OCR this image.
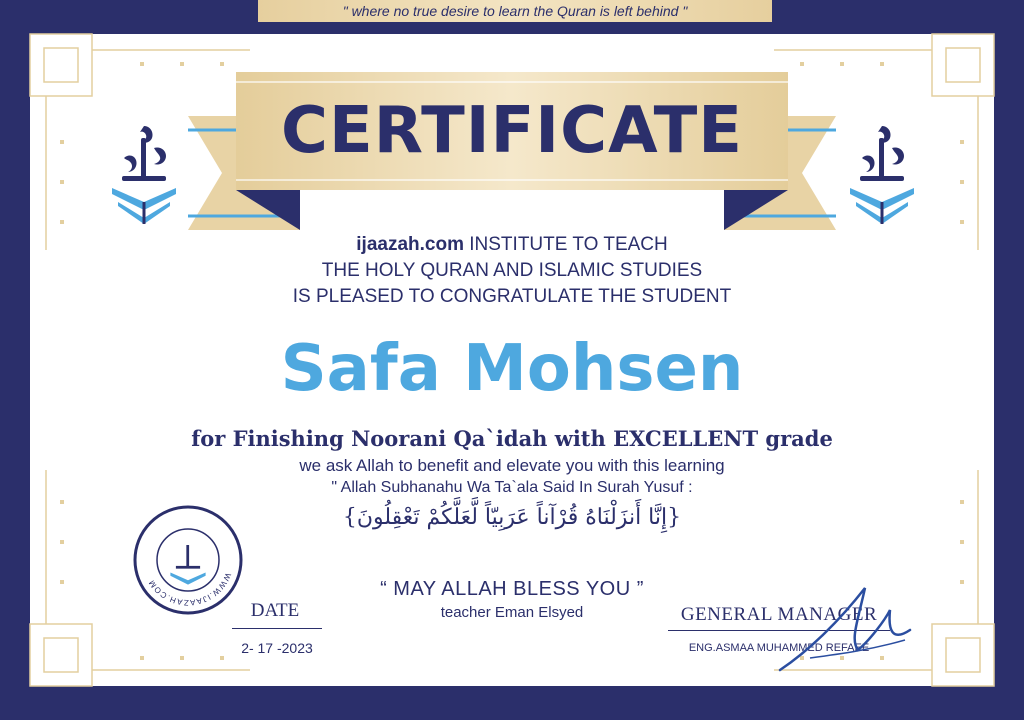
" where no true desire to learn the Quran is left behind "
CERTIFICATE
ijaazah.com INSTITUTE TO TEACH
THE HOLY QURAN AND ISLAMIC STUDIES
IS PLEASED TO CONGRATULATE THE STUDENT
Safa Mohsen
for Finishing Noorani Qa`idah with EXCELLENT grade
we ask Allah to benefit and elevate you with this learning
" Allah Subhanahu Wa Ta`ala Said In Surah Yusuf :
{إِنَّا أَنزَلْنَاهُ قُرْآناً عَرَبِيّاً لَّعَلَّكُمْ تَعْقِلُونَ}
WWW.IJAAZAH.COM	“ MAY ALLAH BLESS YOU ”
teacher Eman Elsyed
DATE
2- 17 -2023
GENERAL MANAGER
ENG.ASMAA MUHAMMED REFAEE
